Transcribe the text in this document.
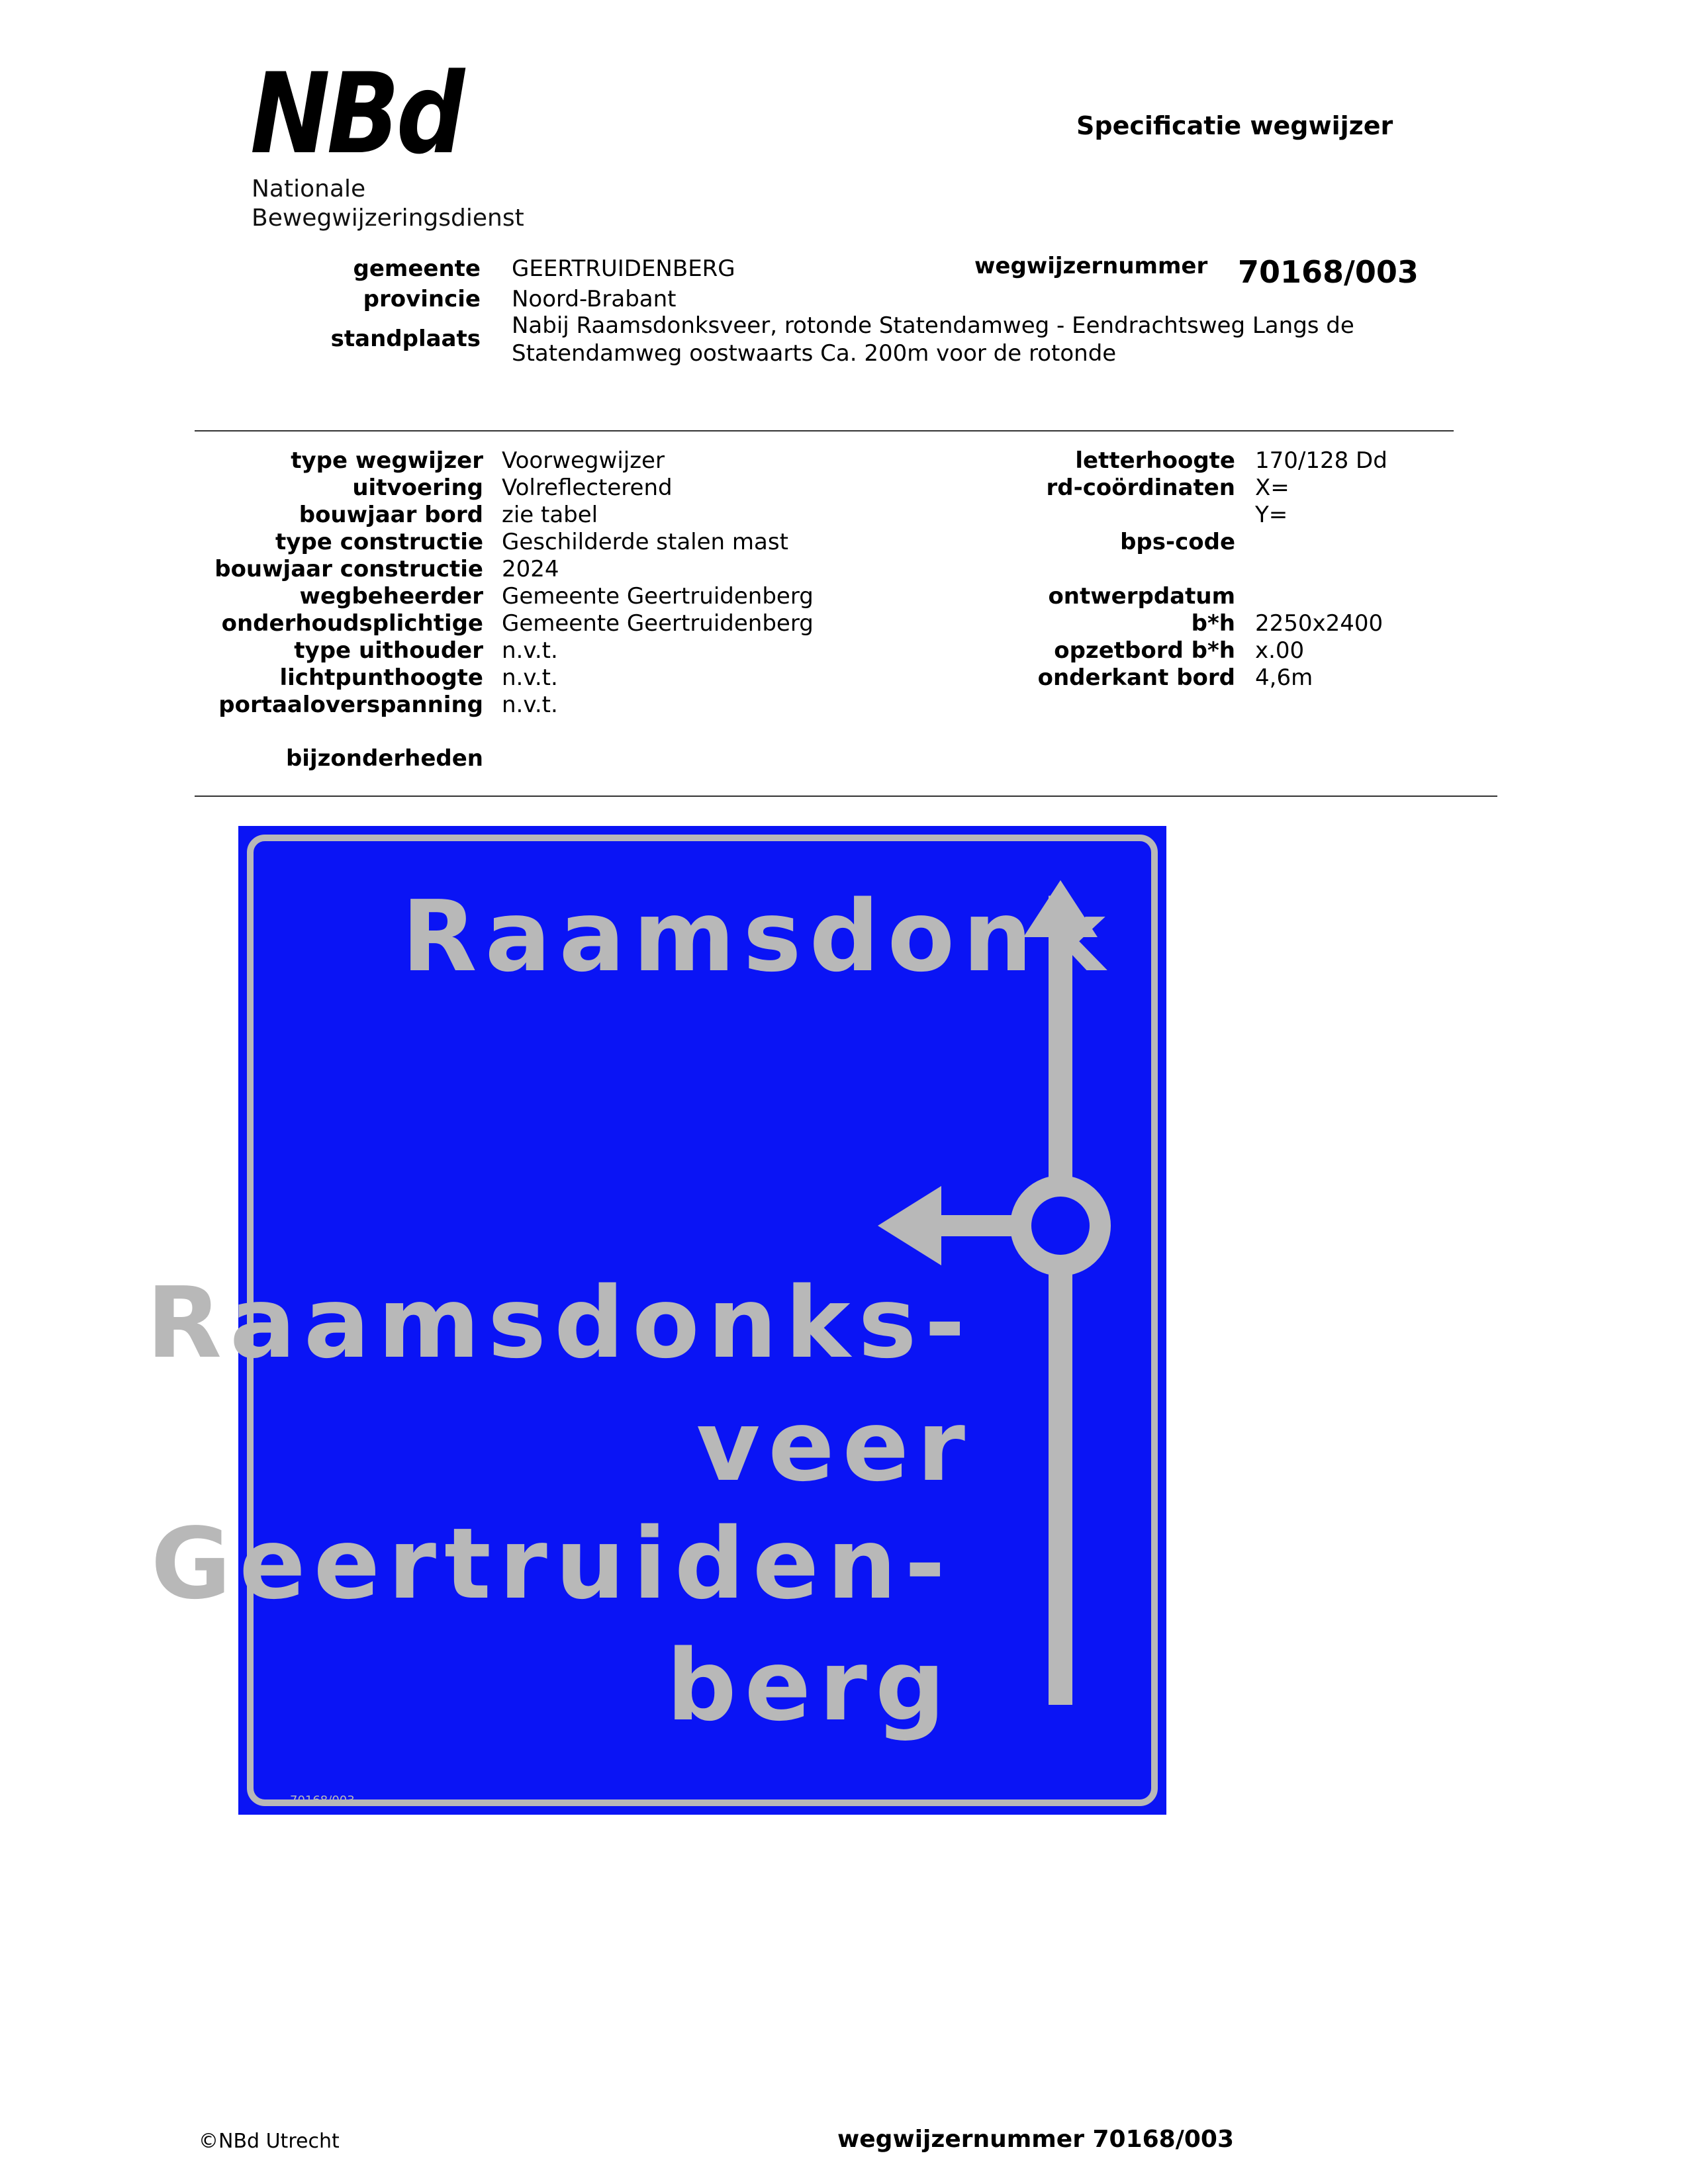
NBd
Nationale
Bewegwijzeringsdienst
Specificatie wegwijzer
gemeente GEERTRUIDENBERG	wegwijzernummer 70168/003
provincie Noord-Brabant
standplaats Nabij Raamsdonksveer, rotonde Statendamweg - Eendrachtsweg Langs de
Statendamweg oostwaarts Ca. 200m voor de rotonde
type wegwijzer
uitvoering
bouwjaar bord
type constructie
bouwjaar constructie
wegbeheerder
onderhoudsplichtige
type uithouder
lichtpunthoogte
portaaloverspanning
bijzonderheden
Voorwegwijzer
Volreflecterend
zie tabel
Geschilderde stalen mast
2024
Gemeente Geertruidenberg
Gemeente Geertruidenberg
n.v.t.
n.v.t.
n.v.t.
letterhoogte
rd-coördinaten
bps-code
ontwerpdatum
b*h
opzetbord b*h
onderkant bord
170/128 Dd
X=
Y=
2250x2400
x.00
4,6m
Raamsdonk
Raamsdonks-
veer
Geertruiden-
berg
70168/003
©NBd Utrecht	wegwijzernummer 70168/003
